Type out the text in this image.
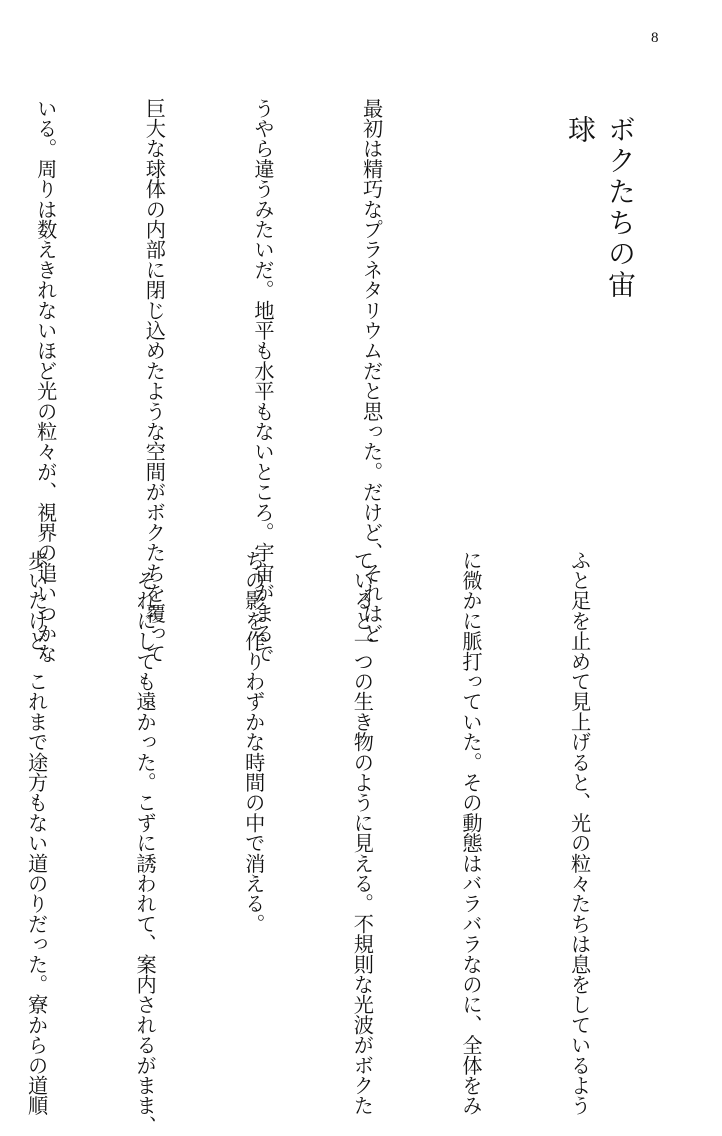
8
ボクたちの宙球

最初は精巧なプラネタリウムだと思った。だけど、それはど

うやら違うみたいだ。地平も水平もないところ。宇宙がまるで

巨大な球体の内部に閉じ込めたような空間がボクたちを覆って

いる。周りは数えきれないほど光の粒々が、視界の追いつかな

ふと足を止めて見上げると、光の粒々たちは息をしているよう

に微かに脈打っていた。その動態はバラバラなのに、全体をみ

ていると一つの生き物のように見える。不規則な光波がボクた

ちの影を作りわずかな時間の中で消える。

　それにしても遠かった。こずに誘われて、案内されるがまま、

歩いたけど、これまで途方もない道のりだった。寮からの道順
